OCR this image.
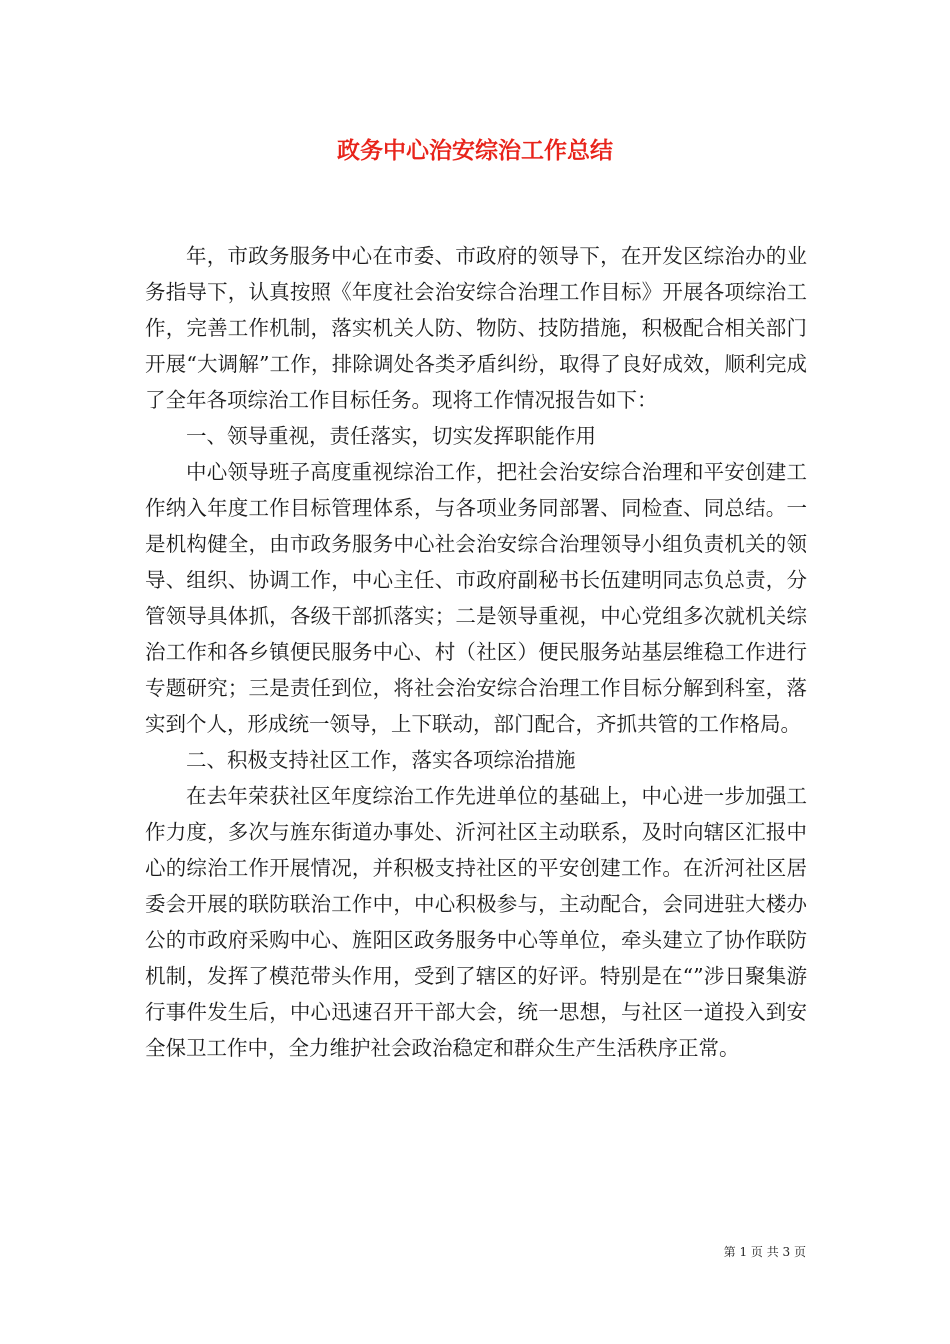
政务中心治安综治工作总结

年，市政务服务中心在市委、市政府的领导下，在开发区综治办的业务指导下，认真按照《年度社会治安综合治理工作目标》开展各项综治工作，完善工作机制，落实机关人防、物防、技防措施，积极配合相关部门开展“大调解”工作，排除调处各类矛盾纠纷，取得了良好成效，顺利完成了全年各项综治工作目标任务。现将工作情况报告如下：

一、领导重视，责任落实，切实发挥职能作用

中心领导班子高度重视综治工作，把社会治安综合治理和平安创建工作纳入年度工作目标管理体系，与各项业务同部署、同检查、同总结。一是机构健全，由市政务服务中心社会治安综合治理领导小组负责机关的领导、组织、协调工作，中心主任、市政府副秘书长伍建明同志负总责，分管领导具体抓，各级干部抓落实；二是领导重视，中心党组多次就机关综治工作和各乡镇便民服务中心、村（社区）便民服务站基层维稳工作进行专题研究；三是责任到位，将社会治安综合治理工作目标分解到科室，落实到个人，形成统一领导，上下联动，部门配合，齐抓共管的工作格局。

二、积极支持社区工作，落实各项综治措施

在去年荣获社区年度综治工作先进单位的基础上，中心进一步加强工作力度，多次与旌东街道办事处、沂河社区主动联系，及时向辖区汇报中心的综治工作开展情况，并积极支持社区的平安创建工作。在沂河社区居委会开展的联防联治工作中，中心积极参与，主动配合，会同进驻大楼办公的市政府采购中心、旌阳区政务服务中心等单位，牵头建立了协作联防机制，发挥了模范带头作用，受到了辖区的好评。特别是在“”涉日聚集游行事件发生后，中心迅速召开干部大会，统一思想，与社区一道投入到安全保卫工作中，全力维护社会政治稳定和群众生产生活秩序正常。

第 1 页 共 3 页
